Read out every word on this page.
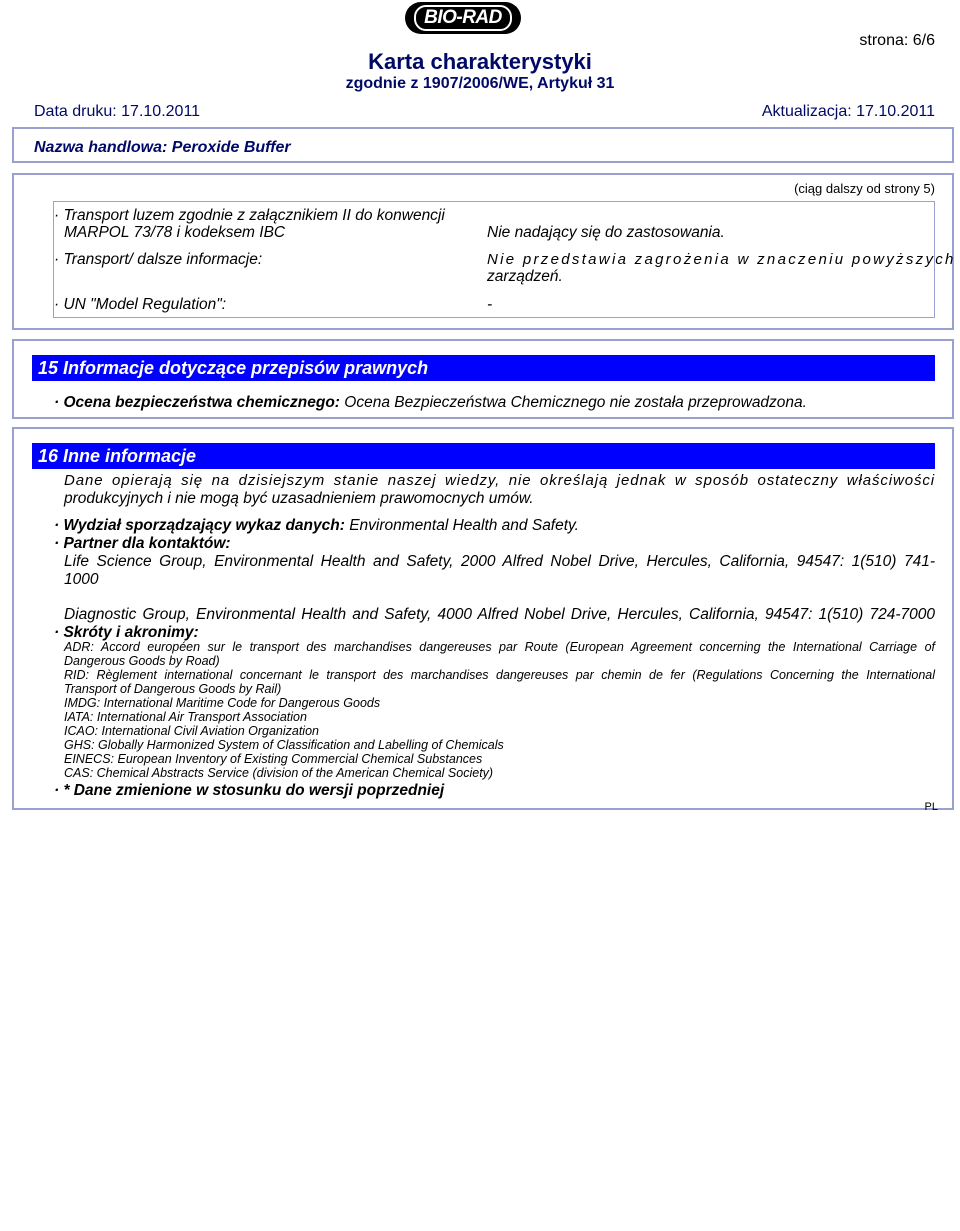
BIO-RAD
strona: 6/6
Karta charakterystyki
zgodnie z 1907/2006/WE, Artykuł 31
Data druku: 17.10.2011	Aktualizacja: 17.10.2011
Nazwa handlowa: Peroxide Buffer
(ciąg dalszy od strony 5)
· Transport luzem zgodnie z załącznikiem II do konwencji
MARPOL 73/78 i kodeksem IBC	Nie nadający się do zastosowania.
· Transport/ dalsze informacje:	Nie przedstawia zagrożenia w znaczeniu powyższych
zarządzeń.
· UN "Model Regulation":	-
15 Informacje dotyczące przepisów prawnych
· Ocena bezpieczeństwa chemicznego: Ocena Bezpieczeństwa Chemicznego nie została przeprowadzona.
16 Inne informacje
Dane opierają się na dzisiejszym stanie naszej wiedzy, nie określają jednak w sposób ostateczny właściwości
produkcyjnych i nie mogą być uzasadnieniem prawomocnych umów.
· Wydział sporządzający wykaz danych: Environmental Health and Safety.
· Partner dla kontaktów:
Life Science Group, Environmental Health and Safety, 2000 Alfred Nobel Drive, Hercules, California, 94547: 1(510) 741-
1000
Diagnostic Group, Environmental Health and Safety, 4000 Alfred Nobel Drive, Hercules, California, 94547: 1(510) 724-7000
· Skróty i akronimy:
ADR: Accord européen sur le transport des marchandises dangereuses par Route (European Agreement concerning the International Carriage of
Dangerous Goods by Road)
RID: Règlement international concernant le transport des marchandises dangereuses par chemin de fer (Regulations Concerning the International
Transport of Dangerous Goods by Rail)
IMDG: International Maritime Code for Dangerous Goods
IATA: International Air Transport Association
ICAO: International Civil Aviation Organization
GHS: Globally Harmonized System of Classification and Labelling of Chemicals
EINECS: European Inventory of Existing Commercial Chemical Substances
CAS: Chemical Abstracts Service (division of the American Chemical Society)
· * Dane zmienione w stosunku do wersji poprzedniej
PL
